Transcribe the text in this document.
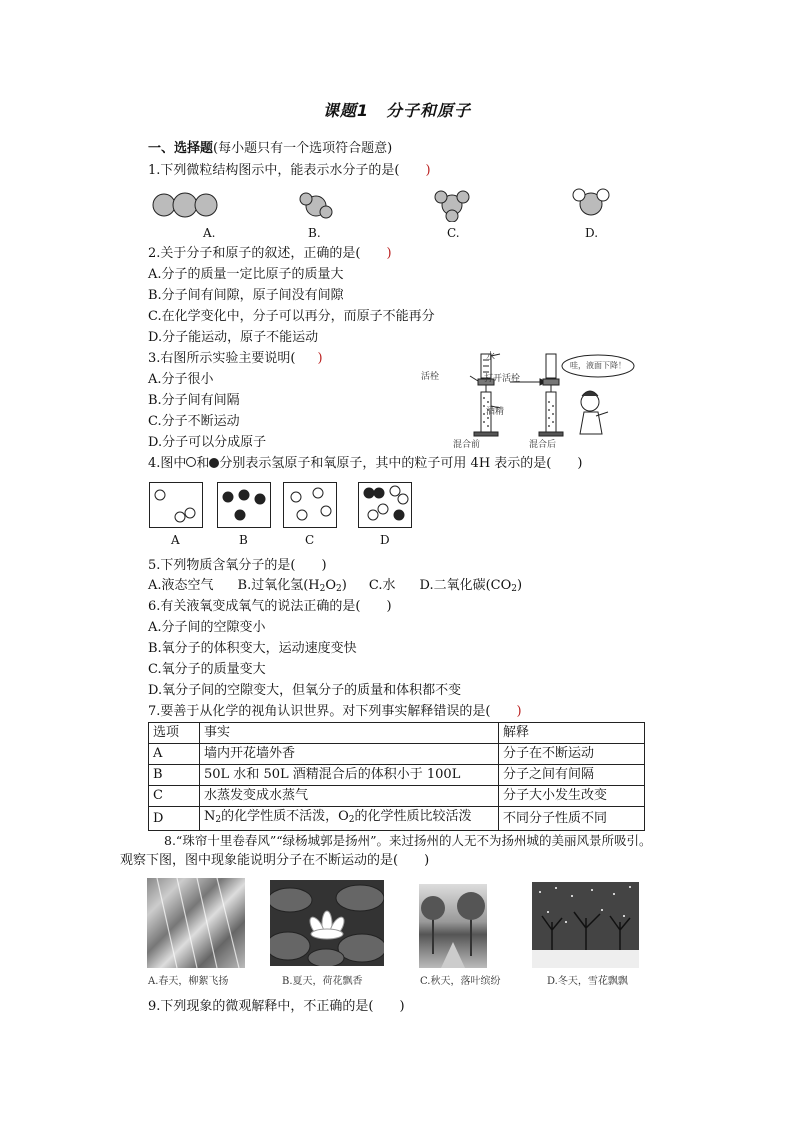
课题1　分子和原子
一、选择题(每小题只有一个选项符合题意)
1.下列微粒结构图示中，能表示水分子的是( )
A.	B.	C.	D.
2.关于分子和原子的叙述，正确的是( )
A.分子的质量一定比原子的质量大
B.分子间有间隙，原子间没有间隙
C.在化学变化中，分子可以再分，而原子不能再分
D.分子能运动，原子不能运动
3.右图所示实验主要说明( )
A.分子很小
B.分子间有间隔
C.分子不断运动
D.分子可以分成原子
水
活栓	打开活栓
酒精
混合前	混合后
哇，液面下降！
4.图中 和 分别表示氢原子和氧原子，其中的粒子可用 4H 表示的是( )
A	B	C	D
5.下列物质含氧分子的是( )
A.液态空气 B.过氧化氢$(H_2O_2)$ C.水 D.二氧化碳$(CO_2)$
6.有关液氧变成氧气的说法正确的是( )
A.分子间的空隙变小
B.氧分子的体积变大，运动速度变快
C.氧分子的质量变大
D.氧分子间的空隙变大，但氧分子的质量和体积都不变
7.要善于从化学的视角认识世界。对下列事实解释错误的是( )
选项	事实	解释
A	墙内开花墙外香	分子在不断运动
B	50L 水和 50L 酒精混合后的体积小于 100L	分子之间有间隔
C	水蒸发变成水蒸气	分子大小发生改变
D	$N_2$的化学性质不活泼，$O_2$的化学性质比较活泼	不同分子性质不同
8.“珠帘十里卷春风”“绿杨城郭是扬州”。来过扬州的人无不为扬州城的美丽风景所吸引。
观察下图，图中现象能说明分子在不断运动的是( )
A.春天，柳絮飞扬	B.夏天，荷花飘香	C.秋天，落叶缤纷	D.冬天，雪花飘飘
9.下列现象的微观解释中，不正确的是( )
